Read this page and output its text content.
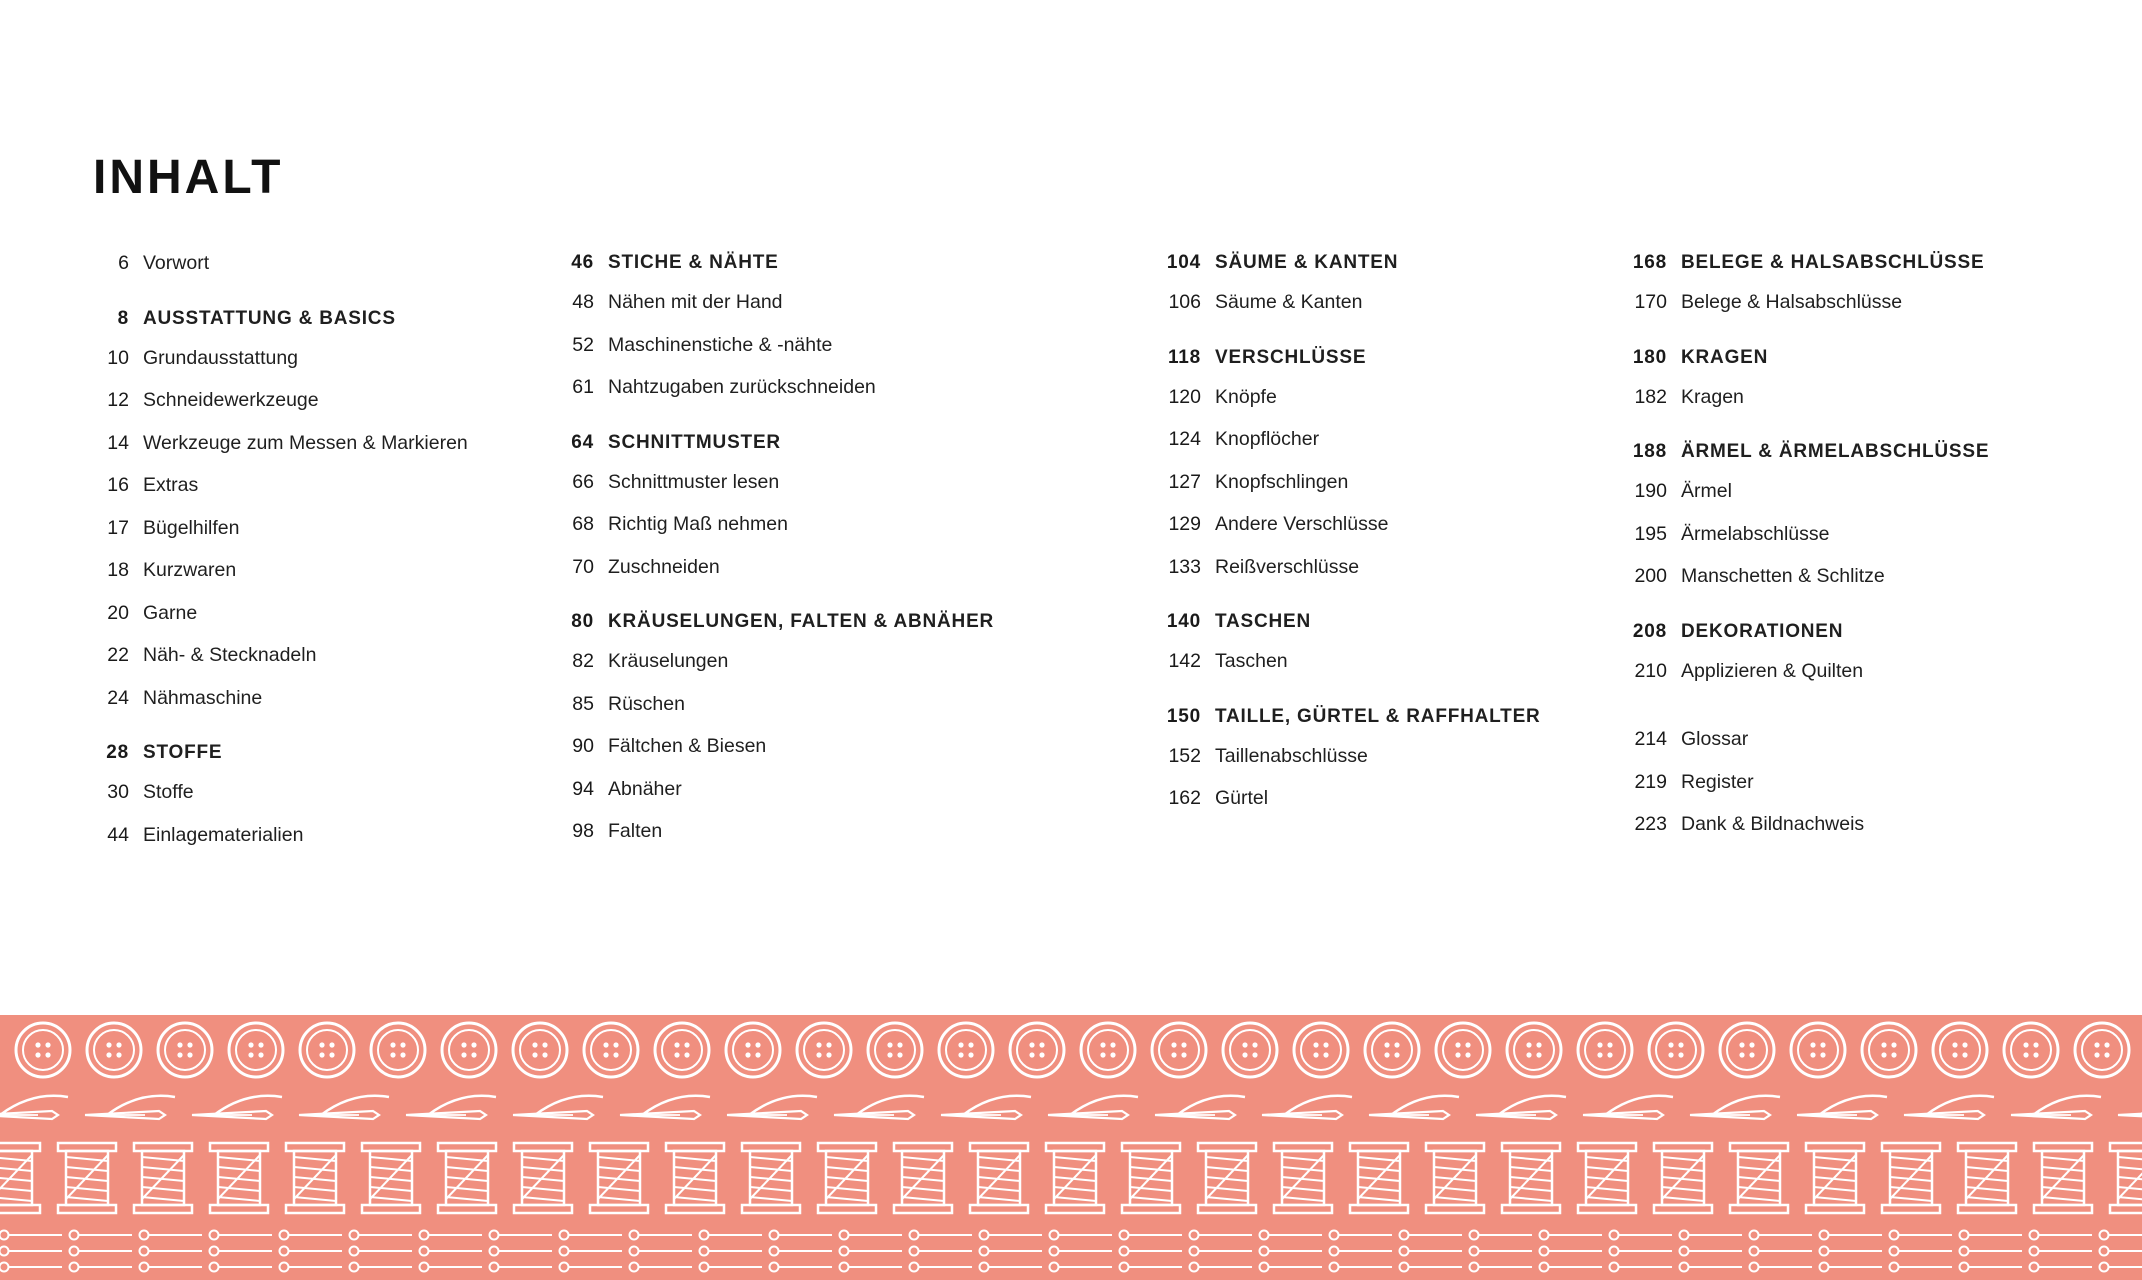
INHALT
6 Vorwort
8 AUSSTATTUNG & BASICS
10 Grundausstattung
12 Schneidewerkzeuge
14 Werkzeuge zum Messen & Markieren
16 Extras
17 Bügelhilfen
18 Kurzwaren
20 Garne
22 Näh- & Stecknadeln
24 Nähmaschine
28 STOFFE
30 Stoffe
44 Einlagematerialien
46 STICHE & NÄHTE
48 Nähen mit der Hand
52 Maschinenstiche & -nähte
61 Nahtzugaben zurückschneiden
64 SCHNITTMUSTER
66 Schnittmuster lesen
68 Richtig Maß nehmen
70 Zuschneiden
80 KRÄUSELUNGEN, FALTEN & ABNÄHER
82 Kräuselungen
85 Rüschen
90 Fältchen & Biesen
94 Abnäher
98 Falten
104 SÄUME & KANTEN
106 Säume & Kanten
118 VERSCHLÜSSE
120 Knöpfe
124 Knopflöcher
127 Knopfschlingen
129 Andere Verschlüsse
133 Reißverschlüsse
140 TASCHEN
142 Taschen
150 TAILLE, GÜRTEL & RAFFHALTER
152 Taillenabschlüsse
162 Gürtel
168 BELEGE & HALSABSCHLÜSSE
170 Belege & Halsabschlüsse
180 KRAGEN
182 Kragen
188 ÄRMEL & ÄRMELABSCHLÜSSE
190 Ärmel
195 Ärmelabschlüsse
200 Manschetten & Schlitze
208 DEKORATIONEN
210 Applizieren & Quilten
214 Glossar
219 Register
223 Dank & Bildnachweis
